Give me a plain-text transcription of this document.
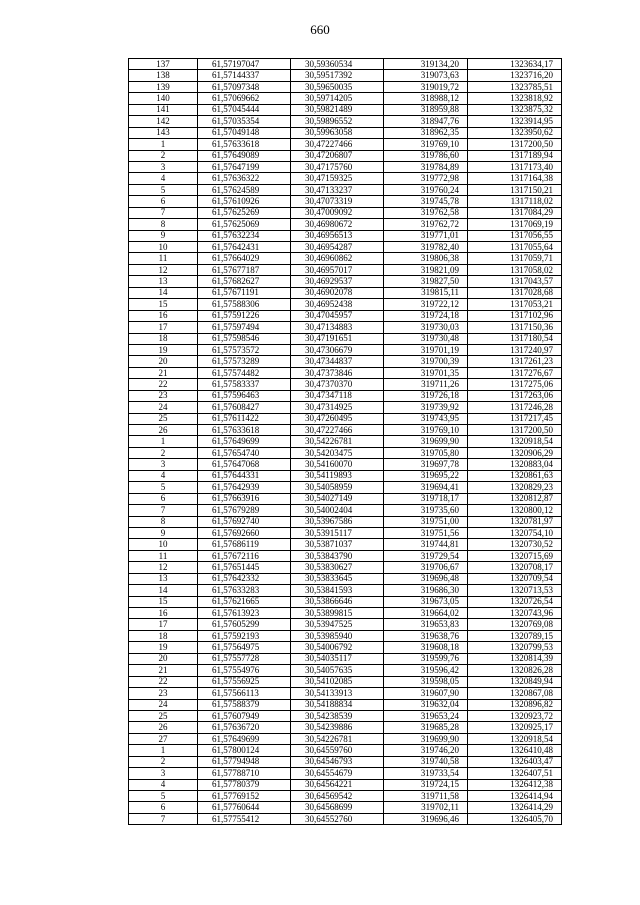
660
137	61,57197047	30,59360534	319134,20	1323634,17
138	61,57144337	30,59517392	319073,63	1323716,20
139	61,57097348	30,59650035	319019,72	1323785,51
140	61,57069662	30,59714205	318988,12	1323818,92
141	61,57045444	30,59821489	318959,88	1323875,32
142	61,57035354	30,59896552	318947,76	1323914,95
143	61,57049148	30,59963058	318962,35	1323950,62
1	61,57633618	30,47227466	319769,10	1317200,50
2	61,57649089	30,47206807	319786,60	1317189,94
3	61,57647199	30,47175760	319784,89	1317173,40
4	61,57636322	30,47159325	319772,98	1317164,38
5	61,57624589	30,47133237	319760,24	1317150,21
6	61,57610926	30,47073319	319745,78	1317118,02
7	61,57625269	30,47009092	319762,58	1317084,29
8	61,57625069	30,46980672	319762,72	1317069,19
9	61,57632234	30,46956513	319771,01	1317056,55
10	61,57642431	30,46954287	319782,40	1317055,64
11	61,57664029	30,46960862	319806,38	1317059,71
12	61,57677187	30,46957017	319821,09	1317058,02
13	61,57682627	30,46929537	319827,50	1317043,57
14	61,57671191	30,46902078	319815,11	1317028,68
15	61,57588306	30,46952438	319722,12	1317053,21
16	61,57591226	30,47045957	319724,18	1317102,96
17	61,57597494	30,47134883	319730,03	1317150,36
18	61,57598546	30,47191651	319730,48	1317180,54
19	61,57573572	30,47306679	319701,19	1317240,97
20	61,57573289	30,47344837	319700,39	1317261,23
21	61,57574482	30,47373846	319701,35	1317276,67
22	61,57583337	30,47370370	319711,26	1317275,06
23	61,57596463	30,47347118	319726,18	1317263,06
24	61,57608427	30,47314925	319739,92	1317246,28
25	61,57611422	30,47260495	319743,95	1317217,45
26	61,57633618	30,47227466	319769,10	1317200,50
1	61,57649699	30,54226781	319699,90	1320918,54
2	61,57654740	30,54203475	319705,80	1320906,29
3	61,57647068	30,54160070	319697,78	1320883,04
4	61,57644331	30,54119893	319695,22	1320861,63
5	61,57642939	30,54058959	319694,41	1320829,23
6	61,57663916	30,54027149	319718,17	1320812,87
7	61,57679289	30,54002404	319735,60	1320800,12
8	61,57692740	30,53967586	319751,00	1320781,97
9	61,57692660	30,53915117	319751,56	1320754,10
10	61,57686119	30,53871037	319744,81	1320730,52
11	61,57672116	30,53843790	319729,54	1320715,69
12	61,57651445	30,53830627	319706,67	1320708,17
13	61,57642332	30,53833645	319696,48	1320709,54
14	61,57633283	30,53841593	319686,30	1320713,53
15	61,57621665	30,53866646	319673,05	1320726,54
16	61,57613923	30,53899815	319664,02	1320743,96
17	61,57605299	30,53947525	319653,83	1320769,08
18	61,57592193	30,53985940	319638,76	1320789,15
19	61,57564975	30,54006792	319608,18	1320799,53
20	61,57557728	30,54035117	319599,76	1320814,39
21	61,57554976	30,54057635	319596,42	1320826,28
22	61,57556925	30,54102085	319598,05	1320849,94
23	61,57566113	30,54133913	319607,90	1320867,08
24	61,57588379	30,54188834	319632,04	1320896,82
25	61,57607949	30,54238539	319653,24	1320923,72
26	61,57636720	30,54239886	319685,28	1320925,17
27	61,57649699	30,54226781	319699,90	1320918,54
1	61,57800124	30,64559760	319746,20	1326410,48
2	61,57794948	30,64546793	319740,58	1326403,47
3	61,57788710	30,64554679	319733,54	1326407,51
4	61,57780379	30,64564221	319724,15	1326412,38
5	61,57769152	30,64569542	319711,58	1326414,94
6	61,57760644	30,64568699	319702,11	1326414,29
7	61,57755412	30,64552760	319696,46	1326405,70
